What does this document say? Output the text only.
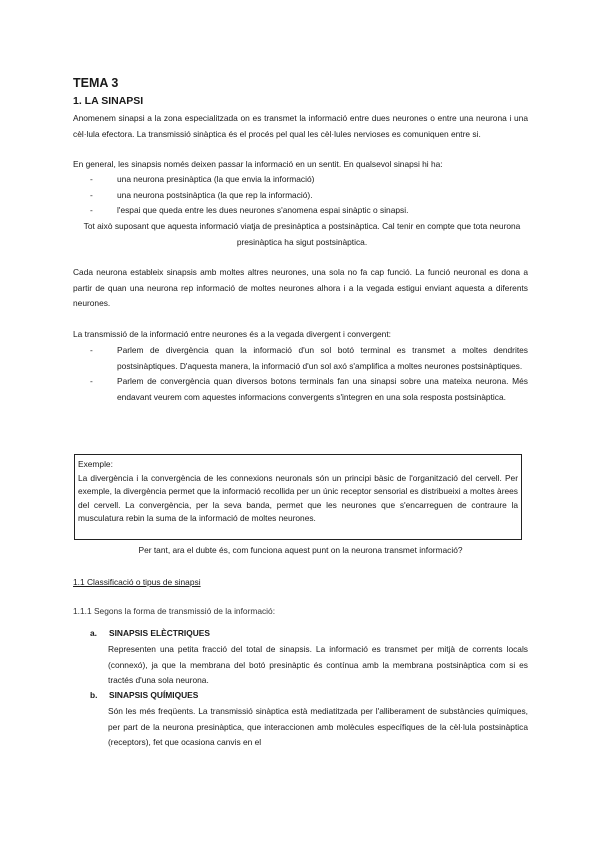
TEMA 3
1. LA SINAPSI

Anomenem sinapsi a la zona especialitzada on es transmet la informació entre dues neurones o entre una neurona i una cèl·lula efectora. La transmissió sinàptica és el procés pel qual les cèl·lules nervioses es comuniquen entre si.

En general, les sinapsis només deixen passar la informació en un sentit. En qualsevol sinapsi hi ha:

-	una neurona presinàptica (la que envia la informació)
-	una neurona postsinàptica (la que rep la informació).
-	l'espai que queda entre les dues neurones s'anomena espai sinàptic o sinapsi.

Tot això suposant que aquesta informació viatja de presinàptica a postsinàptica. Cal tenir en compte que tota neurona presinàptica ha sigut postsinàptica.

Cada neurona estableix sinapsis amb moltes altres neurones, una sola no fa cap funció. La funció neuronal es dona a partir de quan una neurona rep informació de moltes neurones alhora i a la vegada estigui enviant aquesta a diferents neurones.

La transmissió de la informació entre neurones és a la vegada divergent i convergent:

-	Parlem de divergència quan la informació d'un sol botó terminal es transmet a moltes dendrites postsinàptiques. D'aquesta manera, la informació d'un sol axó s'amplifica a moltes neurones postsinàptiques.
-	Parlem de convergència quan diversos botons terminals fan una sinapsi sobre una mateixa neurona. Més endavant veurem com aquestes informacions convergents s'integren en una sola resposta postsinàptica.
Exemple:
La divergència i la convergència de les connexions neuronals són un principi bàsic de l'organització del cervell. Per exemple, la divergència permet que la informació recollida per un únic receptor sensorial es distribueixi a moltes àrees del cervell. La convergència, per la seva banda, permet que les neurones que s'encarreguen de contraure la musculatura rebin la suma de la informació de moltes neurones.

Per tant, ara el dubte és, com funciona aquest punt on la neurona transmet informació?

1.1 Classificació o tipus de sinapsi
1.1.1 Segons la forma de transmissió de la informació:
a. SINAPSIS ELÈCTRIQUES

Representen una petita fracció del total de sinapsis. La informació es transmet per mitjà de corrents locals (connexó), ja que la membrana del botó presinàptic és contínua amb la membrana postsinàptica com si es tractés d'una sola neurona.

b. SINAPSIS QUÍMIQUES

Són les més freqüents. La transmissió sinàptica està mediatitzada per l'alliberament de substàncies químiques, per part de la neurona presinàptica, que interaccionen amb molècules específiques de la cèl·lula postsinàptica (receptors), fet que ocasiona canvis en el
